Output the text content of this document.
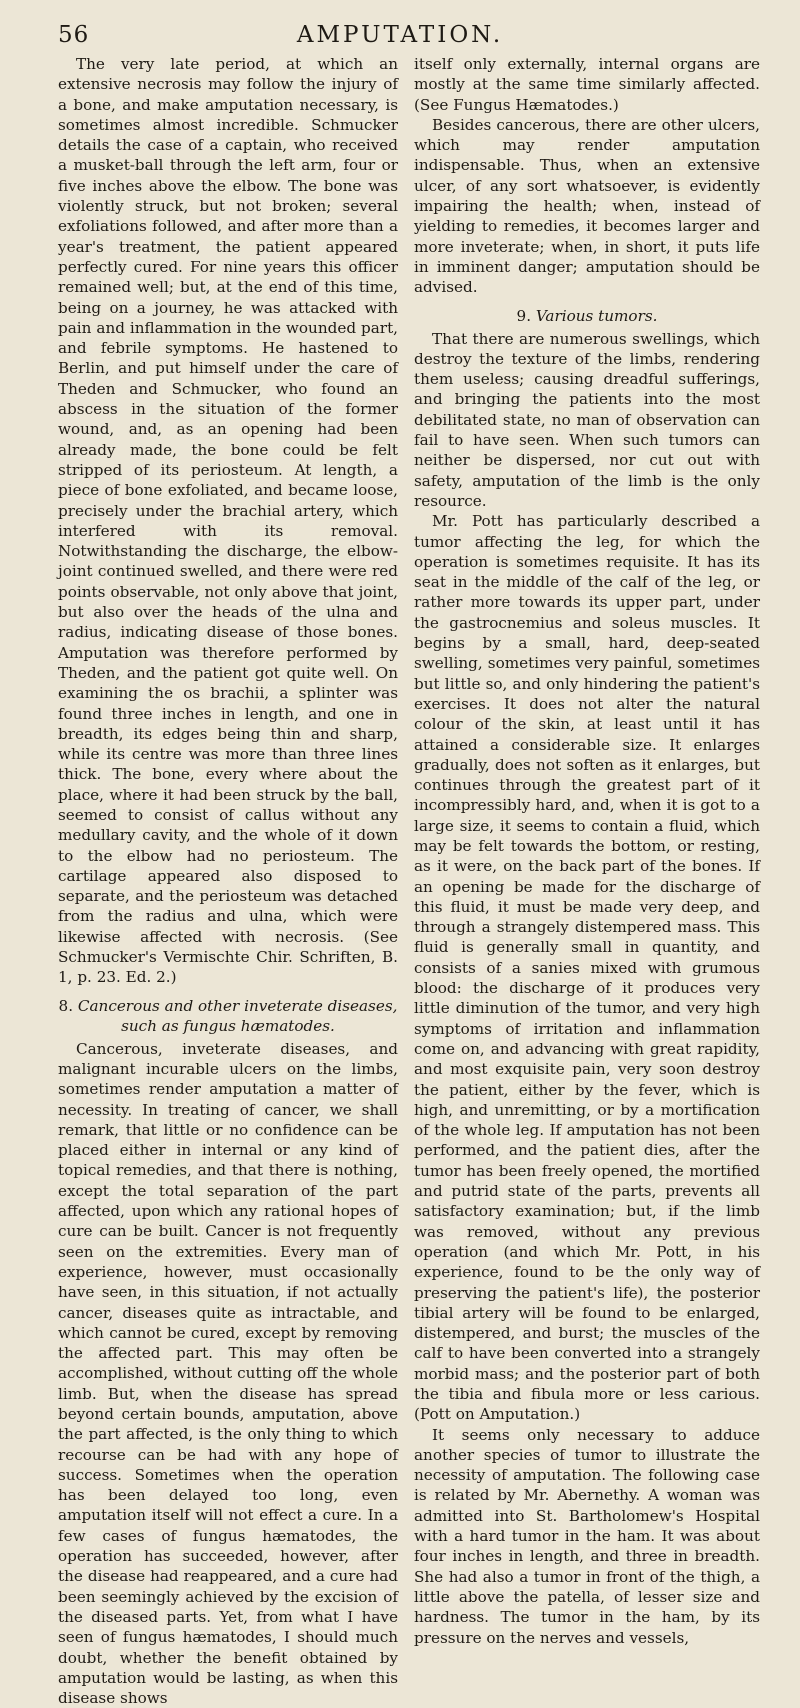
56	AMPUTATION.

The very late period, at which an extensive necrosis may follow the injury of a bone, and make amputation necessary, is sometimes almost incredible. Schmucker details the case of a captain, who received a musket-ball through the left arm, four or five inches above the elbow. The bone was violently struck, but not broken; several exfoliations followed, and after more than a year's treatment, the patient appeared perfectly cured. For nine years this officer remained well; but, at the end of this time, being on a journey, he was attacked with pain and inflammation in the wounded part, and febrile symptoms. He hastened to Berlin, and put himself under the care of Theden and Schmucker, who found an abscess in the situation of the former wound, and, as an opening had been already made, the bone could be felt stripped of its periosteum. At length, a piece of bone exfoliated, and became loose, precisely under the brachial artery, which interfered with its removal. Notwithstanding the discharge, the elbow-joint continued swelled, and there were red points observable, not only above that joint, but also over the heads of the ulna and radius, indicating disease of those bones. Amputation was therefore performed by Theden, and the patient got quite well. On examining the os brachii, a splinter was found three inches in length, and one in breadth, its edges being thin and sharp, while its centre was more than three lines thick. The bone, every where about the place, where it had been struck by the ball, seemed to consist of callus without any medullary cavity, and the whole of it down to the elbow had no periosteum. The cartilage appeared also disposed to separate, and the periosteum was detached from the radius and ulna, which were likewise affected with necrosis. (See Schmucker's Vermischte Chir. Schriften, B. 1, p. 23. Ed. 2.)

8. Cancerous and other inveterate diseases, such as fungus hæmatodes.

Cancerous, inveterate diseases, and malignant incurable ulcers on the limbs, sometimes render amputation a matter of necessity. In treating of cancer, we shall remark, that little or no confidence can be placed either in internal or any kind of topical remedies, and that there is nothing, except the total separation of the part affected, upon which any rational hopes of cure can be built. Cancer is not frequently seen on the extremities. Every man of experience, however, must occasionally have seen, in this situation, if not actually cancer, diseases quite as intractable, and which cannot be cured, except by removing the affected part. This may often be accomplished, without cutting off the whole limb. But, when the disease has spread beyond certain bounds, amputation, above the part affected, is the only thing to which recourse can be had with any hope of success. Sometimes when the operation has been delayed too long, even amputation itself will not effect a cure. In a few cases of fungus hæmatodes, the operation has succeeded, however, after the disease had reappeared, and a cure had been seemingly achieved by the excision of the diseased parts. Yet, from what I have seen of fungus hæmatodes, I should much doubt, whether the benefit obtained by amputation would be lasting, as when this disease shows

itself only externally, internal organs are mostly at the same time similarly affected. (See Fungus Hæmatodes.)

Besides cancerous, there are other ulcers, which may render amputation indispensable. Thus, when an extensive ulcer, of any sort whatsoever, is evidently impairing the health; when, instead of yielding to remedies, it becomes larger and more inveterate; when, in short, it puts life in imminent danger; amputation should be advised.

9. Various tumors.

That there are numerous swellings, which destroy the texture of the limbs, rendering them useless; causing dreadful sufferings, and bringing the patients into the most debilitated state, no man of observation can fail to have seen. When such tumors can neither be dispersed, nor cut out with safety, amputation of the limb is the only resource.

Mr. Pott has particularly described a tumor affecting the leg, for which the operation is sometimes requisite. It has its seat in the middle of the calf of the leg, or rather more towards its upper part, under the gastrocnemius and soleus muscles. It begins by a small, hard, deep-seated swelling, sometimes very painful, sometimes but little so, and only hindering the patient's exercises. It does not alter the natural colour of the skin, at least until it has attained a considerable size. It enlarges gradually, does not soften as it enlarges, but continues through the greatest part of it incompressibly hard, and, when it is got to a large size, it seems to contain a fluid, which may be felt towards the bottom, or resting, as it were, on the back part of the bones. If an opening be made for the discharge of this fluid, it must be made very deep, and through a strangely distempered mass. This fluid is generally small in quantity, and consists of a sanies mixed with grumous blood: the discharge of it produces very little diminution of the tumor, and very high symptoms of irritation and inflammation come on, and advancing with great rapidity, and most exquisite pain, very soon destroy the patient, either by the fever, which is high, and unremitting, or by a mortification of the whole leg. If amputation has not been performed, and the patient dies, after the tumor has been freely opened, the mortified and putrid state of the parts, prevents all satisfactory examination; but, if the limb was removed, without any previous operation (and which Mr. Pott, in his experience, found to be the only way of preserving the patient's life), the posterior tibial artery will be found to be enlarged, distempered, and burst; the muscles of the calf to have been converted into a strangely morbid mass; and the posterior part of both the tibia and fibula more or less carious. (Pott on Amputation.)

It seems only necessary to adduce another species of tumor to illustrate the necessity of amputation. The following case is related by Mr. Abernethy. A woman was admitted into St. Bartholomew's Hospital with a hard tumor in the ham. It was about four inches in length, and three in breadth. She had also a tumor in front of the thigh, a little above the patella, of lesser size and hardness. The tumor in the ham, by its pressure on the nerves and vessels,
